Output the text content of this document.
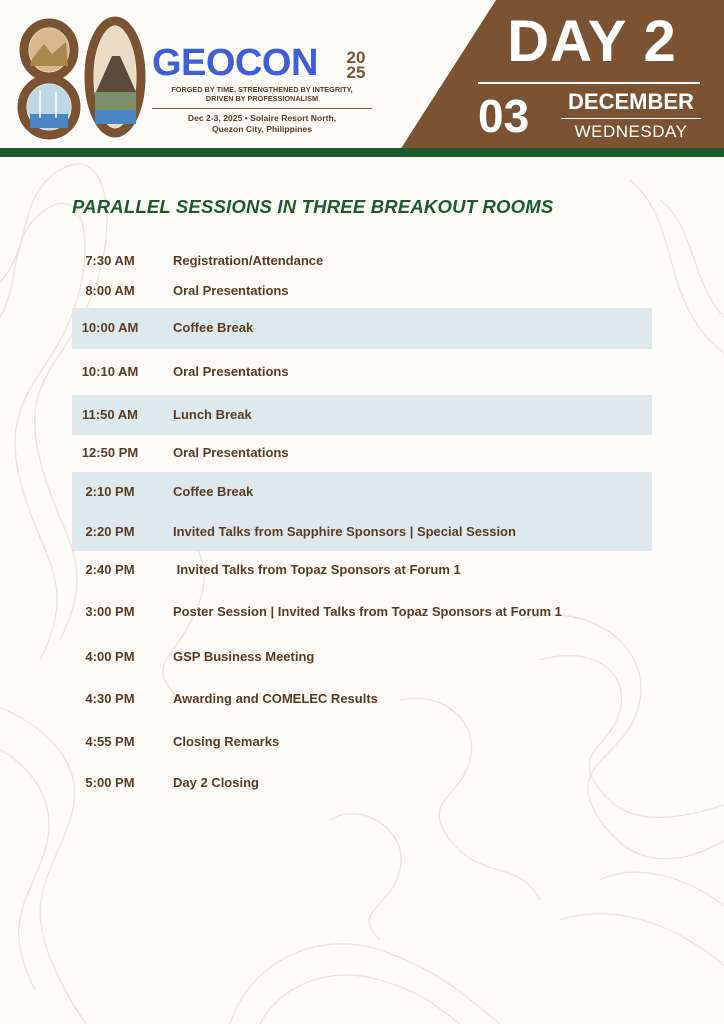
GEOCON 20
25
FORGED BY TIME, STRENGTHENED BY INTEGRITY,
DRIVEN BY PROFESSIONALISM
Dec 2-3, 2025 • Solaire Resort North,
Quezon City, Philippines
DAY 2
03	DECEMBER
WEDNESDAY
PARALLEL SESSIONS IN THREE BREAKOUT ROOMS
7:30 AM	Registration/Attendance
8:00 AM	Oral Presentations
10:00 AM	Coffee Break
10:10 AM	Oral Presentations
11:50 AM	Lunch Break
12:50 PM	Oral Presentations
2:10 PM	Coffee Break
2:20 PM	Invited Talks from Sapphire Sponsors | Special Session
2:40 PM	Invited Talks from Topaz Sponsors at Forum 1
3:00 PM	Poster Session | Invited Talks from Topaz Sponsors at Forum 1
4:00 PM	GSP Business Meeting
4:30 PM	Awarding and COMELEC Results
4:55 PM	Closing Remarks
5:00 PM	Day 2 Closing
